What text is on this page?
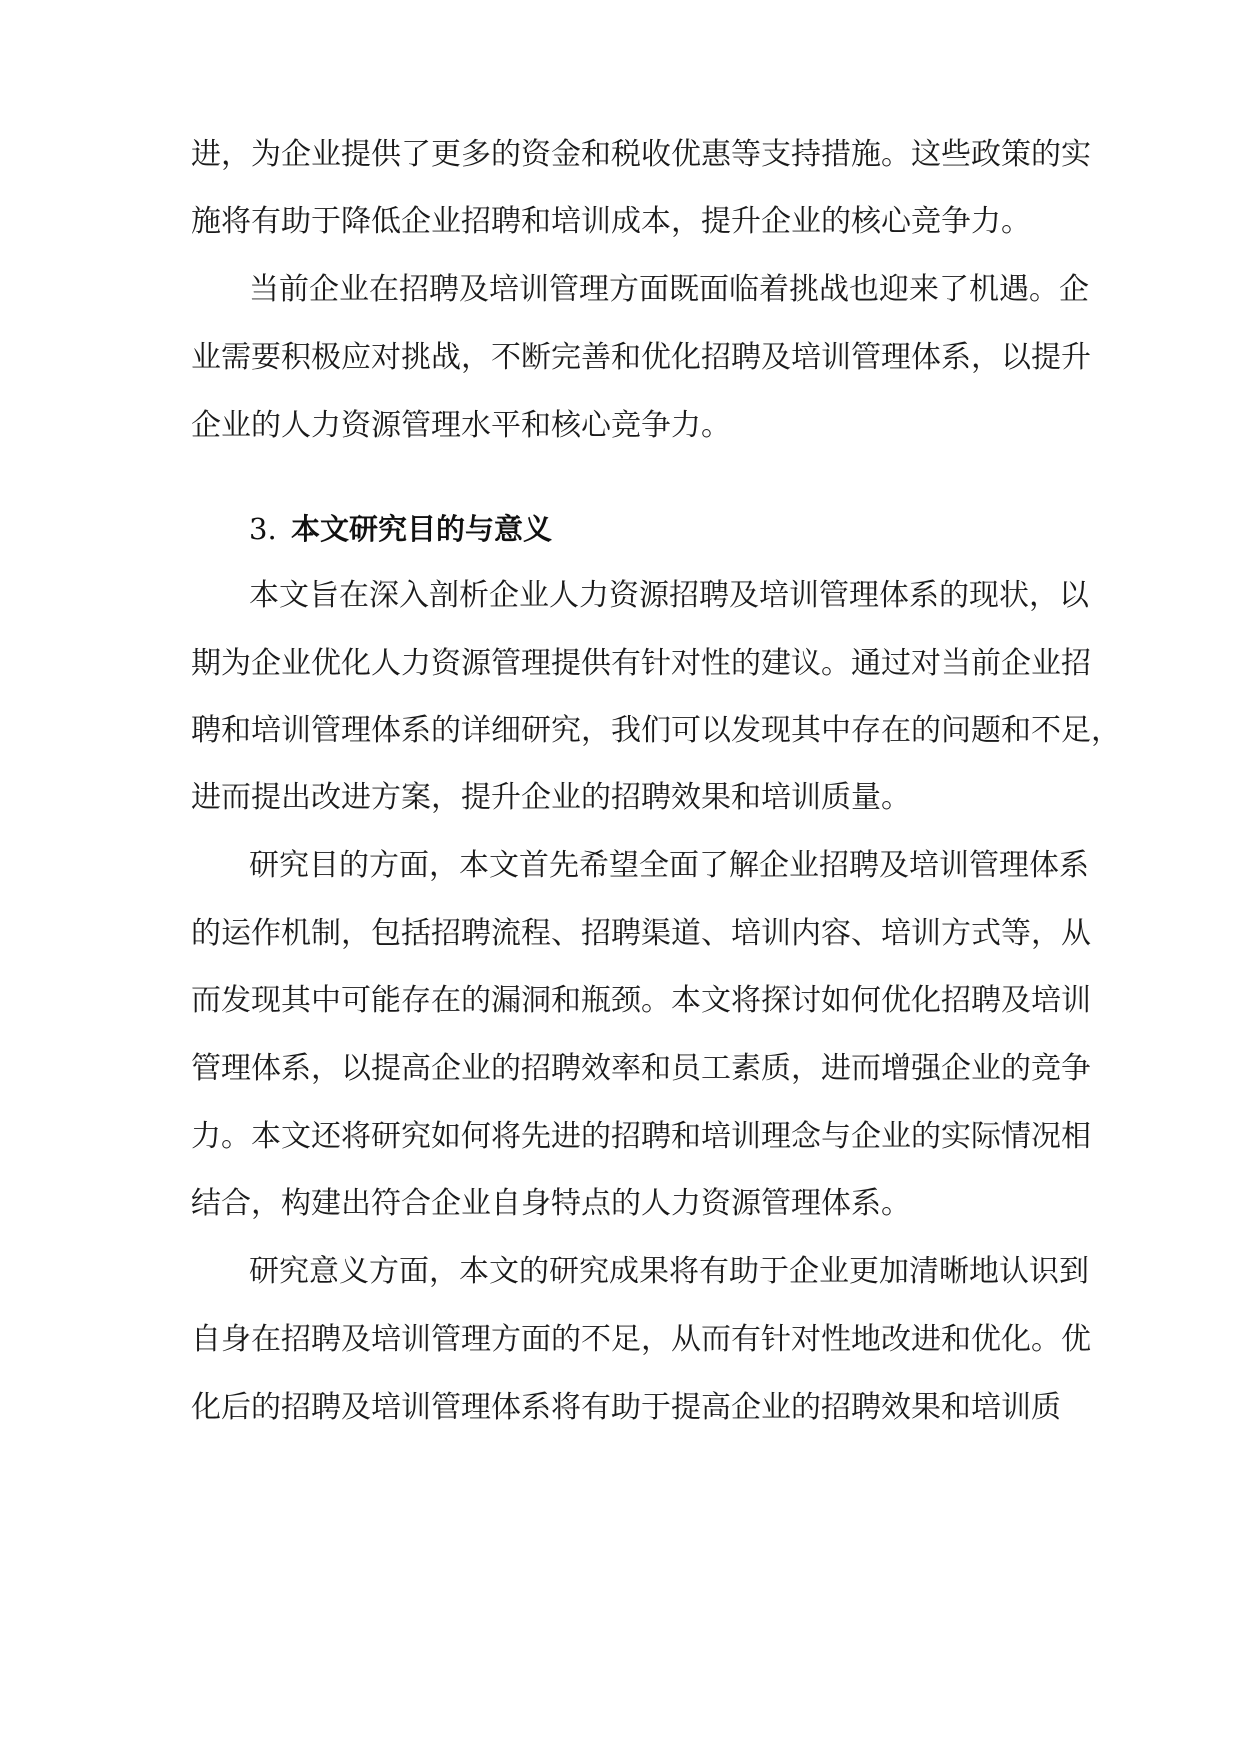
进，为企业提供了更多的资金和税收优惠等支持措施。这些政策的实
施将有助于降低企业招聘和培训成本，提升企业的核心竞争力。
当前企业在招聘及培训管理方面既面临着挑战也迎来了机遇。企
业需要积极应对挑战，不断完善和优化招聘及培训管理体系，以提升
企业的人力资源管理水平和核心竞争力。
3. 本文研究目的与意义
本文旨在深入剖析企业人力资源招聘及培训管理体系的现状，以
期为企业优化人力资源管理提供有针对性的建议。通过对当前企业招
聘和培训管理体系的详细研究，我们可以发现其中存在的问题和不足，
进而提出改进方案，提升企业的招聘效果和培训质量。
研究目的方面，本文首先希望全面了解企业招聘及培训管理体系
的运作机制，包括招聘流程、招聘渠道、培训内容、培训方式等，从
而发现其中可能存在的漏洞和瓶颈。本文将探讨如何优化招聘及培训
管理体系，以提高企业的招聘效率和员工素质，进而增强企业的竞争
力。本文还将研究如何将先进的招聘和培训理念与企业的实际情况相
结合，构建出符合企业自身特点的人力资源管理体系。
研究意义方面，本文的研究成果将有助于企业更加清晰地认识到
自身在招聘及培训管理方面的不足，从而有针对性地改进和优化。优
化后的招聘及培训管理体系将有助于提高企业的招聘效果和培训质
